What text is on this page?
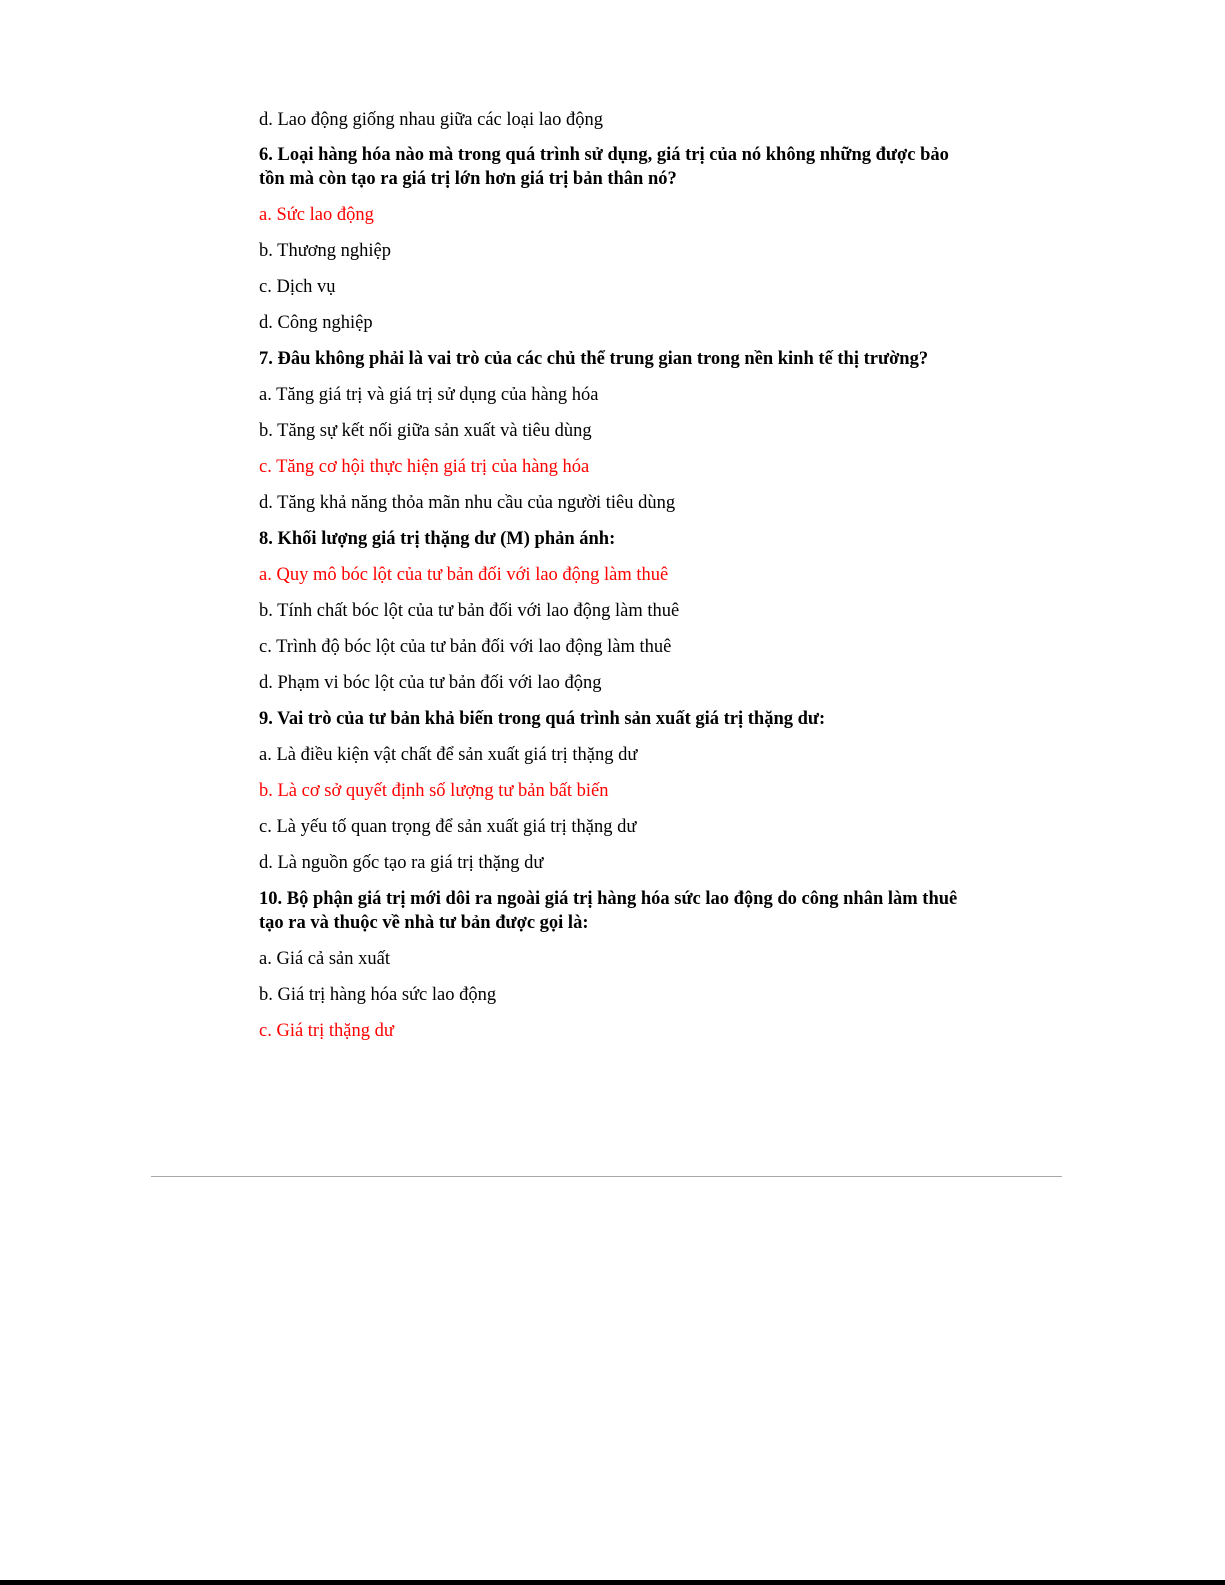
d. Lao động giống nhau giữa các loại lao động

6. Loại hàng hóa nào mà trong quá trình sử dụng, giá trị của nó không những được bảo tồn mà còn tạo ra giá trị lớn hơn giá trị bản thân nó?

a. Sức lao động

b. Thương nghiệp

c. Dịch vụ

d. Công nghiệp

7. Đâu không phải là vai trò của các chủ thể trung gian trong nền kinh tế thị trường?

a. Tăng giá trị và giá trị sử dụng của hàng hóa

b. Tăng sự kết nối giữa sản xuất và tiêu dùng

c. Tăng cơ hội thực hiện giá trị của hàng hóa

d. Tăng khả năng thỏa mãn nhu cầu của người tiêu dùng

8. Khối lượng giá trị thặng dư (M) phản ánh:

a. Quy mô bóc lột của tư bản đối với lao động làm thuê

b. Tính chất bóc lột của tư bản đối với lao động làm thuê

c. Trình độ bóc lột của tư bản đối với lao động làm thuê

d. Phạm vi bóc lột của tư bản đối với lao động

9. Vai trò của tư bản khả biến trong quá trình sản xuất giá trị thặng dư:

a. Là điều kiện vật chất để sản xuất giá trị thặng dư

b. Là cơ sở quyết định số lượng tư bản bất biến

c. Là yếu tố quan trọng để sản xuất giá trị thặng dư

d. Là nguồn gốc tạo ra giá trị thặng dư

10. Bộ phận giá trị mới dôi ra ngoài giá trị hàng hóa sức lao động do công nhân làm thuê tạo ra và thuộc về nhà tư bản được gọi là:

a. Giá cả sản xuất

b. Giá trị hàng hóa sức lao động

c. Giá trị thặng dư
